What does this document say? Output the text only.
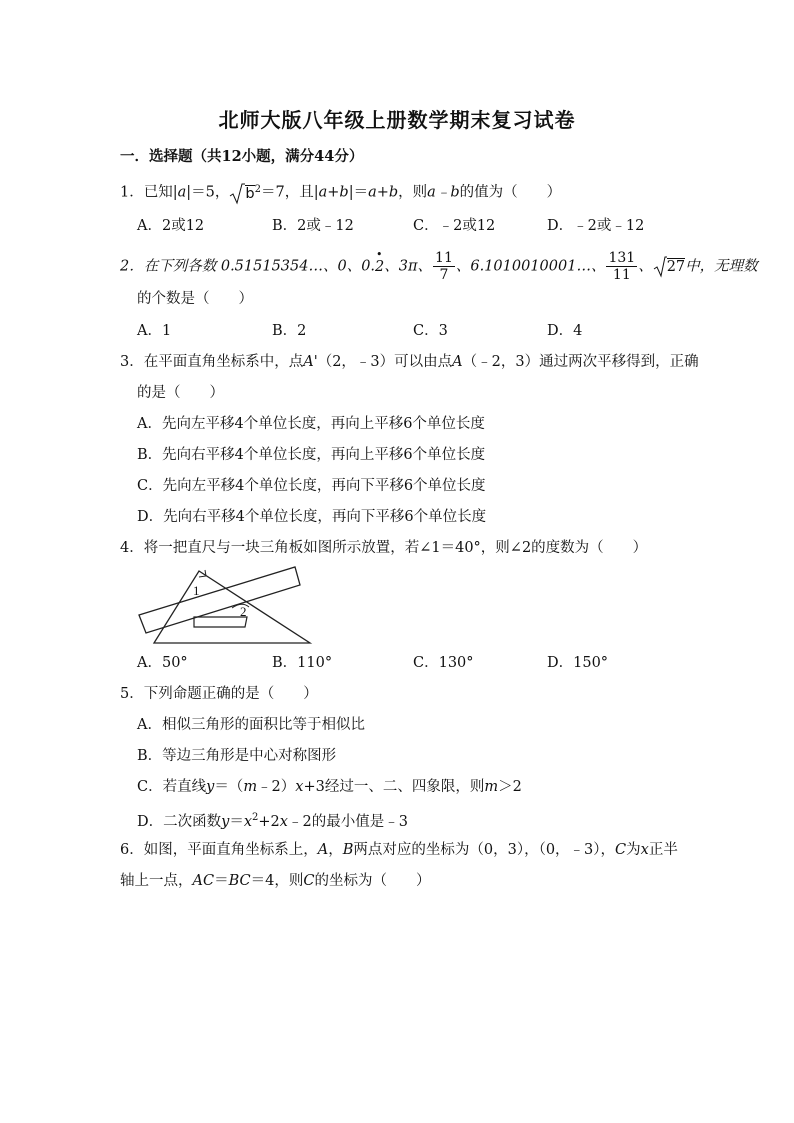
北师大版八年级上册数学期末复习试卷
一．选择题（共12小题，满分44分）
1．已知|a|＝5， $b^2=7$，且|a+b|＝a+b，则a﹣b的值为（　　）
A．2或12	B．2或﹣12	C．﹣2或12	D．﹣2或﹣12
2．在下列各数 0.51515354…、0、0.• 2、3π、 $\frac{11}{7}$ 、6.1010010001…、 $\frac{131}{11}$ 、 27中，无理数
的个数是（　　）
A．1	B．2	C．3	D．4
3．在平面直角坐标系中，点A'（2，﹣3）可以由点A（﹣2，3）通过两次平移得到，正确
的是（　　）
A．先向左平移4个单位长度，再向上平移6个单位长度
B．先向右平移4个单位长度，再向上平移6个单位长度
C．先向左平移4个单位长度，再向下平移6个单位长度
D．先向右平移4个单位长度，再向下平移6个单位长度
4．将一把直尺与一块三角板如图所示放置，若∠1＝40°，则∠2的度数为（　　）
1
2
A．50°	B．110°	C．130°	D．150°
5．下列命题正确的是（　　）
A．相似三角形的面积比等于相似比
B．等边三角形是中心对称图形
C．若直线y＝（m﹣2）x+3经过一、二、四象限，则m＞2
D．二次函数$y=x^2+2x﹣2$的最小值是﹣3
6．如图，平面直角坐标系上，A，B两点对应的坐标为（0，3），（0，﹣3），C为x正半
轴上一点，AC＝BC＝4，则C的坐标为（　　）
